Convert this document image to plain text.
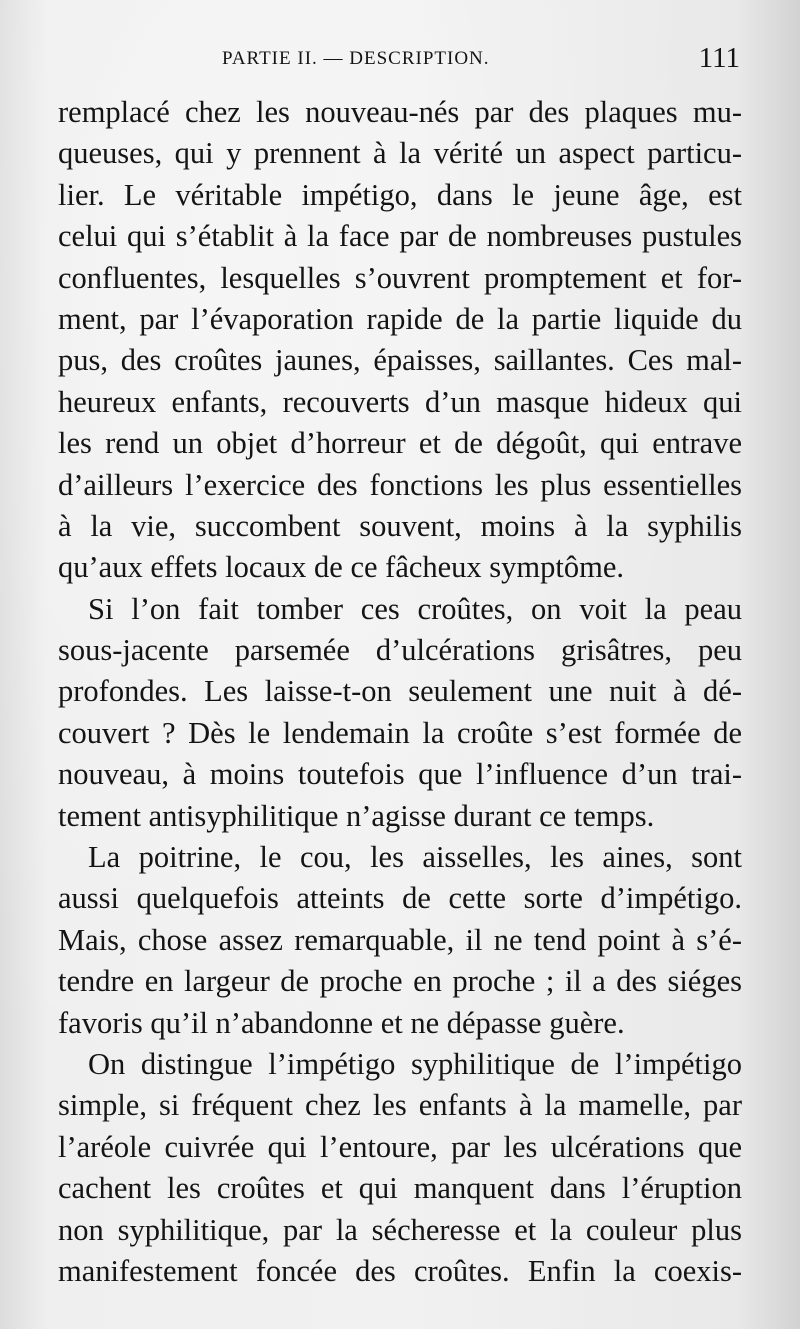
PARTIE II. — DESCRIPTION.	111
remplacé chez les nouveau-nés par des plaques mu-
queuses, qui y prennent à la vérité un aspect particu-
lier. Le véritable impétigo, dans le jeune âge, est
celui qui s’établit à la face par de nombreuses pustules
confluentes, lesquelles s’ouvrent promptement et for-
ment, par l’évaporation rapide de la partie liquide du
pus, des croûtes jaunes, épaisses, saillantes. Ces mal-
heureux enfants, recouverts d’un masque hideux qui
les rend un objet d’horreur et de dégoût, qui entrave
d’ailleurs l’exercice des fonctions les plus essentielles
à la vie, succombent souvent, moins à la syphilis
qu’aux effets locaux de ce fâcheux symptôme.
Si l’on fait tomber ces croûtes, on voit la peau
sous-jacente parsemée d’ulcérations grisâtres, peu
profondes. Les laisse-t-on seulement une nuit à dé-
couvert ? Dès le lendemain la croûte s’est formée de
nouveau, à moins toutefois que l’influence d’un trai-
tement antisyphilitique n’agisse durant ce temps.
La poitrine, le cou, les aisselles, les aines, sont
aussi quelquefois atteints de cette sorte d’impétigo.
Mais, chose assez remarquable, il ne tend point à s’é-
tendre en largeur de proche en proche ; il a des siéges
favoris qu’il n’abandonne et ne dépasse guère.
On distingue l’impétigo syphilitique de l’impétigo
simple, si fréquent chez les enfants à la mamelle, par
l’aréole cuivrée qui l’entoure, par les ulcérations que
cachent les croûtes et qui manquent dans l’éruption
non syphilitique, par la sécheresse et la couleur plus
manifestement foncée des croûtes. Enfin la coexis-
